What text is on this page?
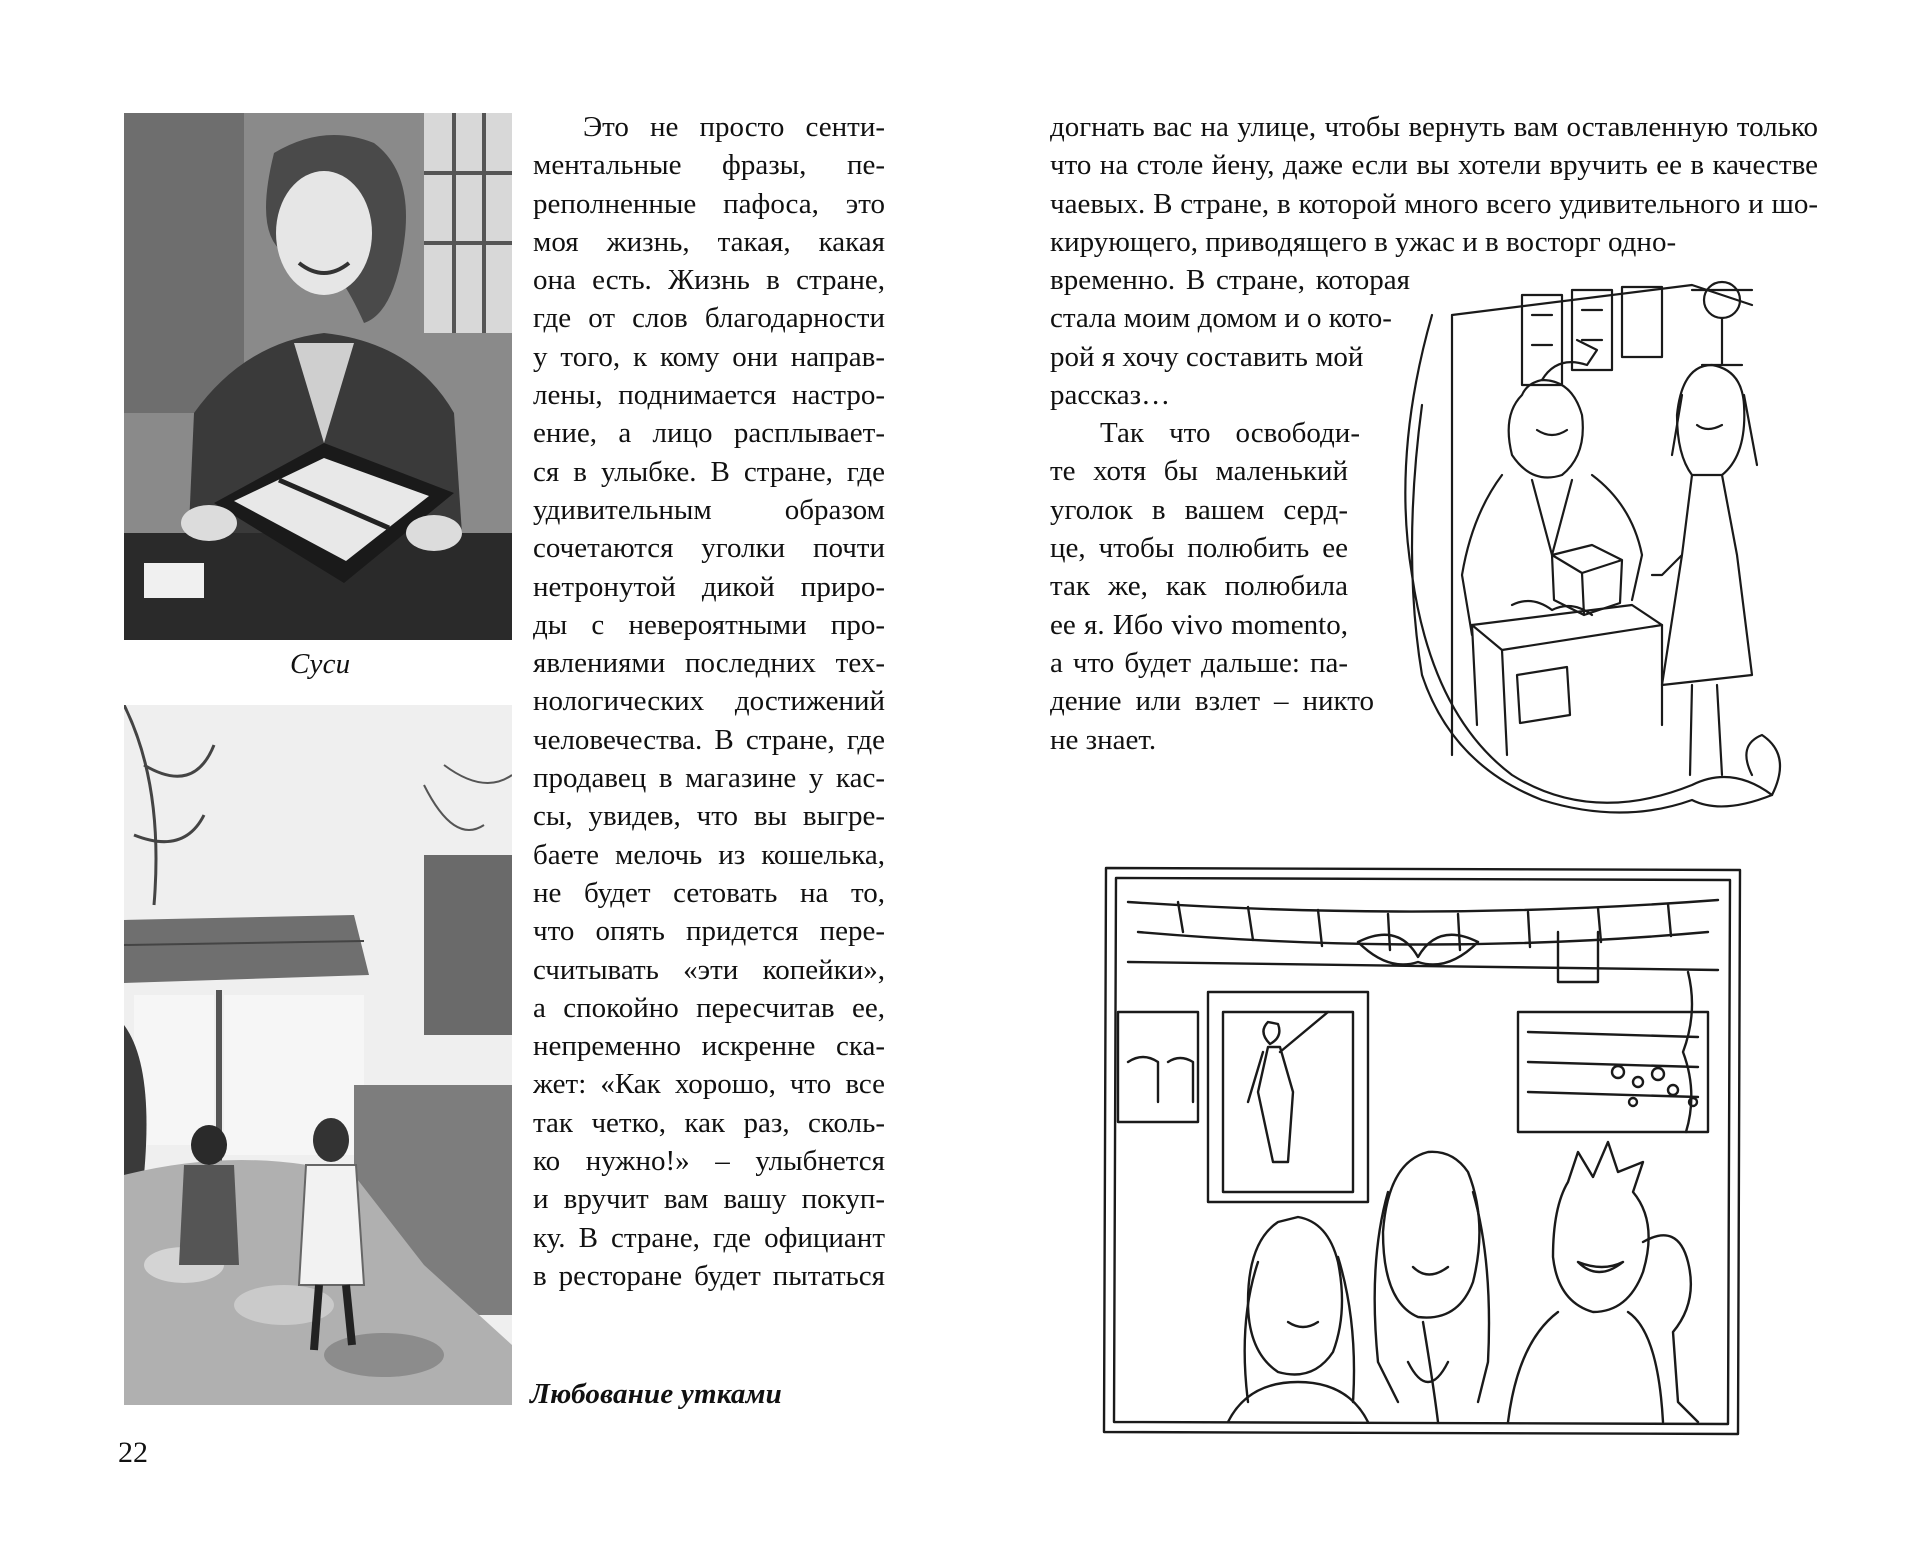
Суси
Это не просто сенти-
ментальные фразы, пе-
реполненные пафоса, это
моя жизнь, такая, какая
она есть. Жизнь в стране,
где от слов благодарности
у того, к кому они направ-
лены, поднимается настро-
ение, а лицо расплывает-
ся в улыбке. В стране, где
удивительным образом
сочетаются уголки почти
нетронутой дикой приро-
ды с невероятными про-
явлениями последних тех-
нологических достижений
человечества. В стране, где
продавец в магазине у кас-
сы, увидев, что вы выгре-
баете мелочь из кошелька,
не будет сетовать на то,
что опять придется пере-
считывать «эти копейки»,
а спокойно пересчитав ее,
непременно искренне ска-
жет: «Как хорошо, что все
так четко, как раз, сколь-
ко нужно!» – улыбнется
и вручит вам вашу покуп-
ку. В стране, где официант
в ресторане будет пытаться
Любование утками
22
догнать вас на улице, чтобы вернуть вам оставленную только
что на столе йену, даже если вы хотели вручить ее в качестве
чаевых. В стране, в которой много всего удивительного и шо-
кирующего, приводящего в ужас и в восторг одно-
временно. В стране, которая
стала моим домом и о кото-
рой я хочу составить мой
рассказ…
Так что освободи-
те хотя бы маленький
уголок в вашем серд-
це, чтобы полюбить ее
так же, как полюбила
ее я. Ибо vivo momento,
а что будет дальше: па-
дение или взлет – никто
не знает.
